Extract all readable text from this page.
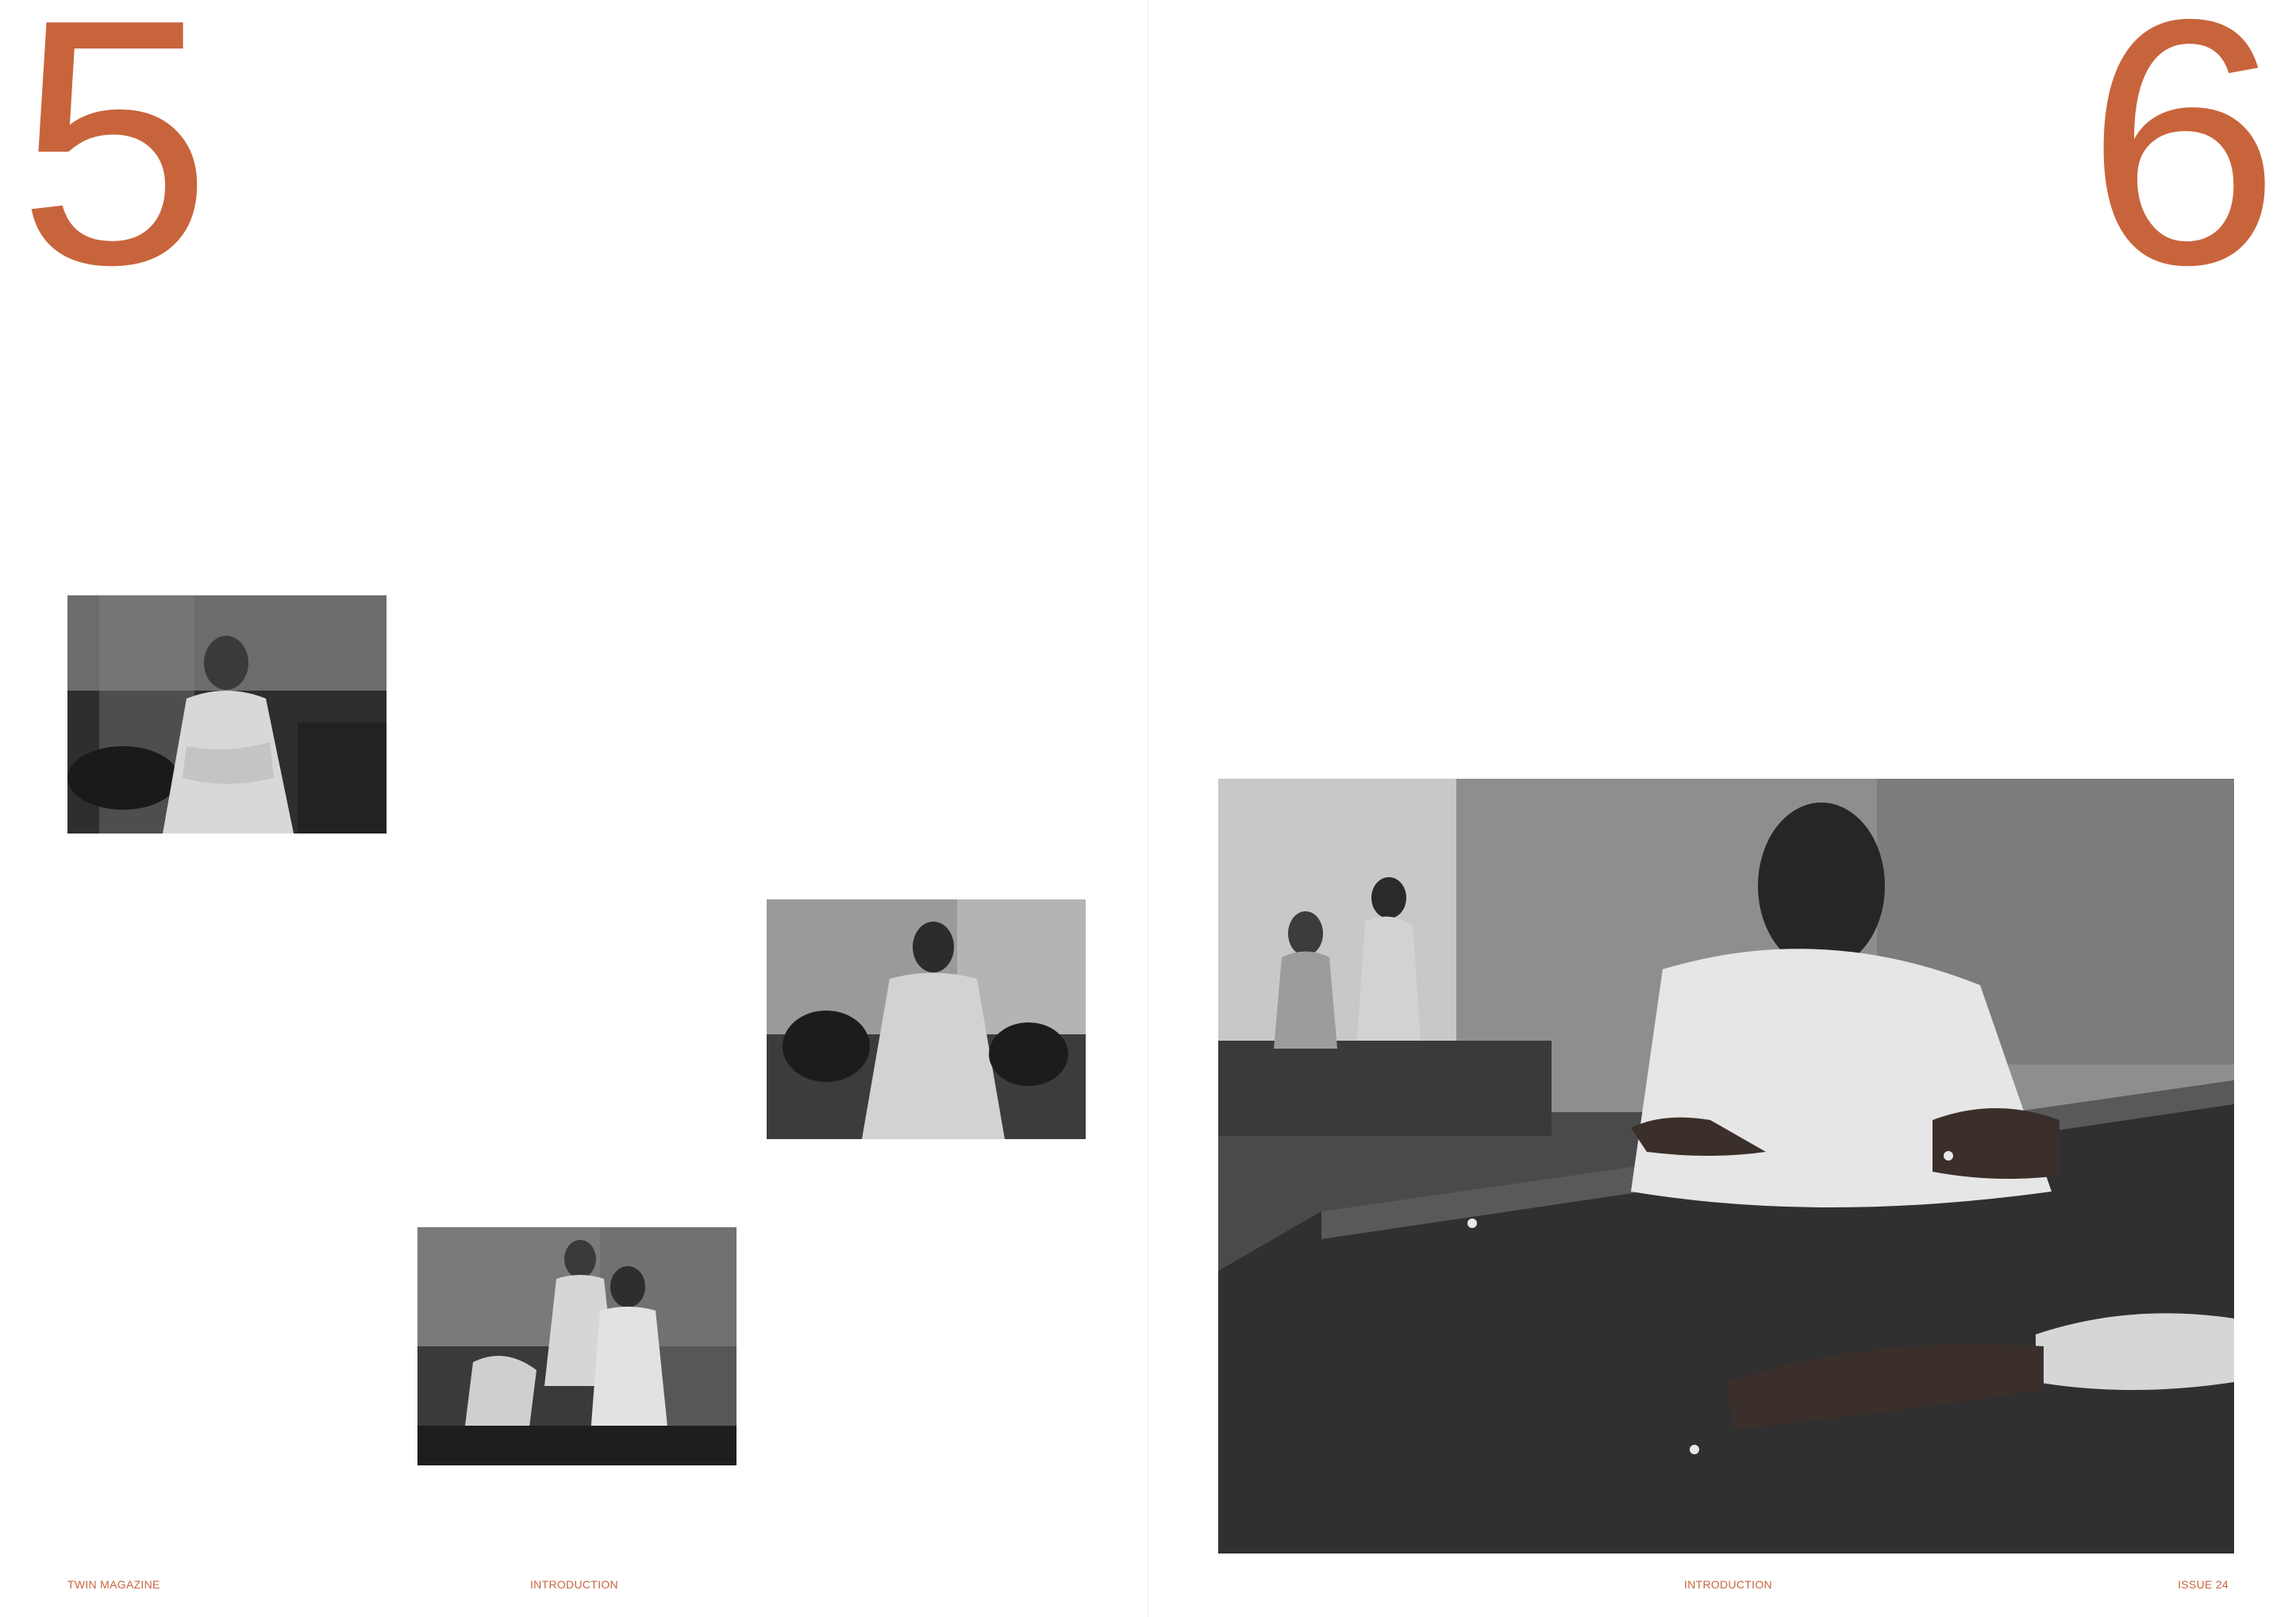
5

TWIN MAGAZINE	INTRODUCTION
6
INTRODUCTION	ISSUE 24
